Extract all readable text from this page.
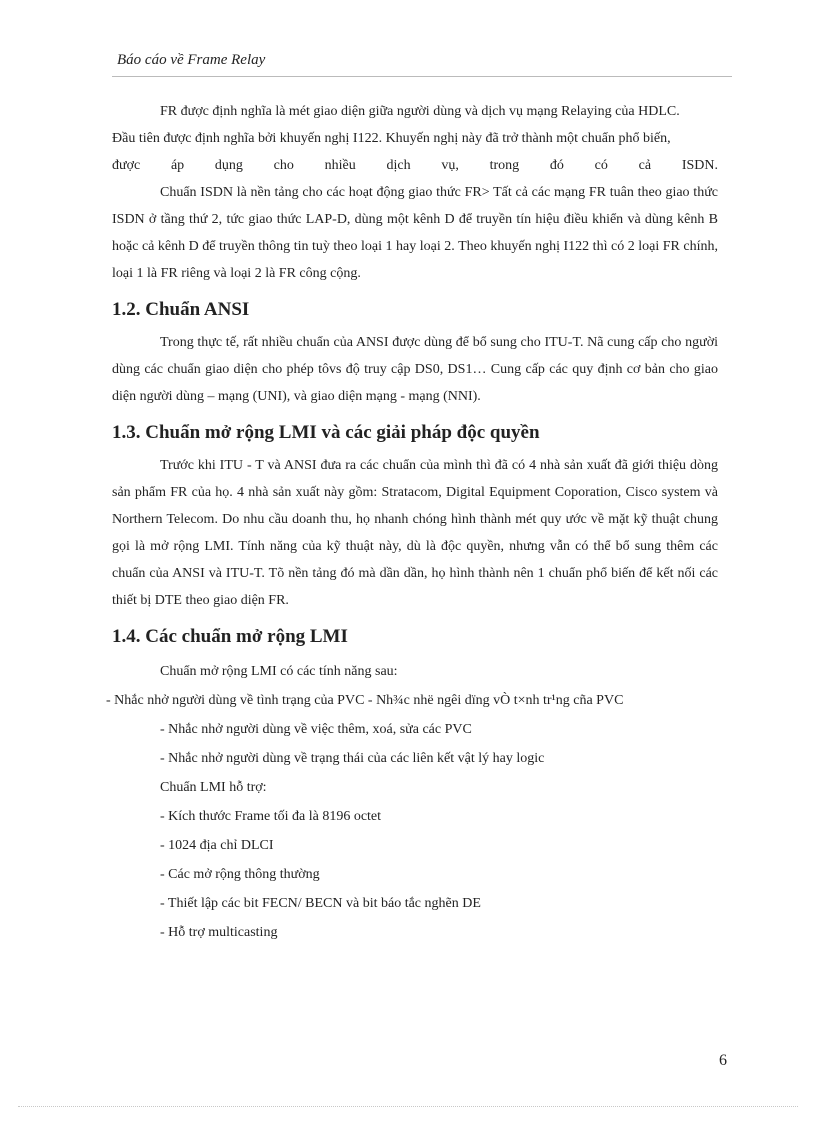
Báo cáo về Frame Relay

FR được định nghĩa là mét giao diện giữa người dùng và dịch vụ mạng Relaying của HDLC.

Đầu tiên được định nghĩa bởi khuyến nghị I122. Khuyến nghị này đã trở thành một chuẩn phổ biến,

được áp dụng cho nhiều dịch vụ, trong đó có cả ISDN.

Chuẩn ISDN là nền tảng cho các hoạt động giao thức FR> Tất cả các mạng FR tuân theo giao thức ISDN ở tầng thứ 2, tức giao thức LAP-D, dùng một kênh D để truyền tín hiệu điều khiển và dùng kênh B hoặc cả kênh D để truyền thông tin tuỳ theo loại 1 hay loại 2. Theo khuyến nghị I122 thì có 2 loại FR chính, loại 1 là FR riêng và loại 2 là FR công cộng.

1.2. Chuẩn ANSI

Trong thực tế, rất nhiều chuẩn của ANSI được dùng để bổ sung cho ITU-T. Nã cung cấp cho người dùng các chuẩn giao diện cho phép tôvs độ truy cập DS0, DS1… Cung cấp các quy định cơ bản cho giao diện người dùng – mạng (UNI), và giao diện mạng - mạng (NNI).

1.3. Chuẩn mở rộng LMI và các giải pháp độc quyền

Trước khi ITU - T và ANSI đưa ra các chuẩn của mình thì đã có 4 nhà sản xuất đã giới thiệu dòng sản phẩm FR của họ. 4 nhà sản xuất này gồm: Stratacom, Digital Equipment Coporation, Cisco system và Northern Telecom. Do nhu cầu doanh thu, họ nhanh chóng hình thành mét quy ước về mặt kỹ thuật chung gọi là mở rộng LMI. Tính năng của kỹ thuật này, dù là độc quyền, nhưng vẫn có thể bổ sung thêm các chuẩn của ANSI và ITU-T. Tõ nền tảng đó mà dần dần, họ hình thành nên 1 chuẩn phổ biến để kết nối các thiết bị DTE theo giao diện FR.

1.4. Các chuẩn mở rộng LMI

Chuẩn mở rộng LMI có các tính năng sau:

- Nhắc nhở người dùng về tình trạng của PVC - Nh¾c nhë ngêi dïng vÒ t×nh tr¹ng cña PVC

- Nhắc nhở người dùng về việc thêm, xoá, sửa các PVC

- Nhắc nhở người dùng về trạng thái của các liên kết vật lý hay logic

Chuẩn LMI hỗ trợ:

- Kích thước Frame tối đa là 8196 octet

- 1024 địa chỉ DLCI

- Các mở rộng thông thường

- Thiết lập các bit FECN/ BECN và bit báo tắc nghẽn DE

- Hỗ trợ multicasting

6
